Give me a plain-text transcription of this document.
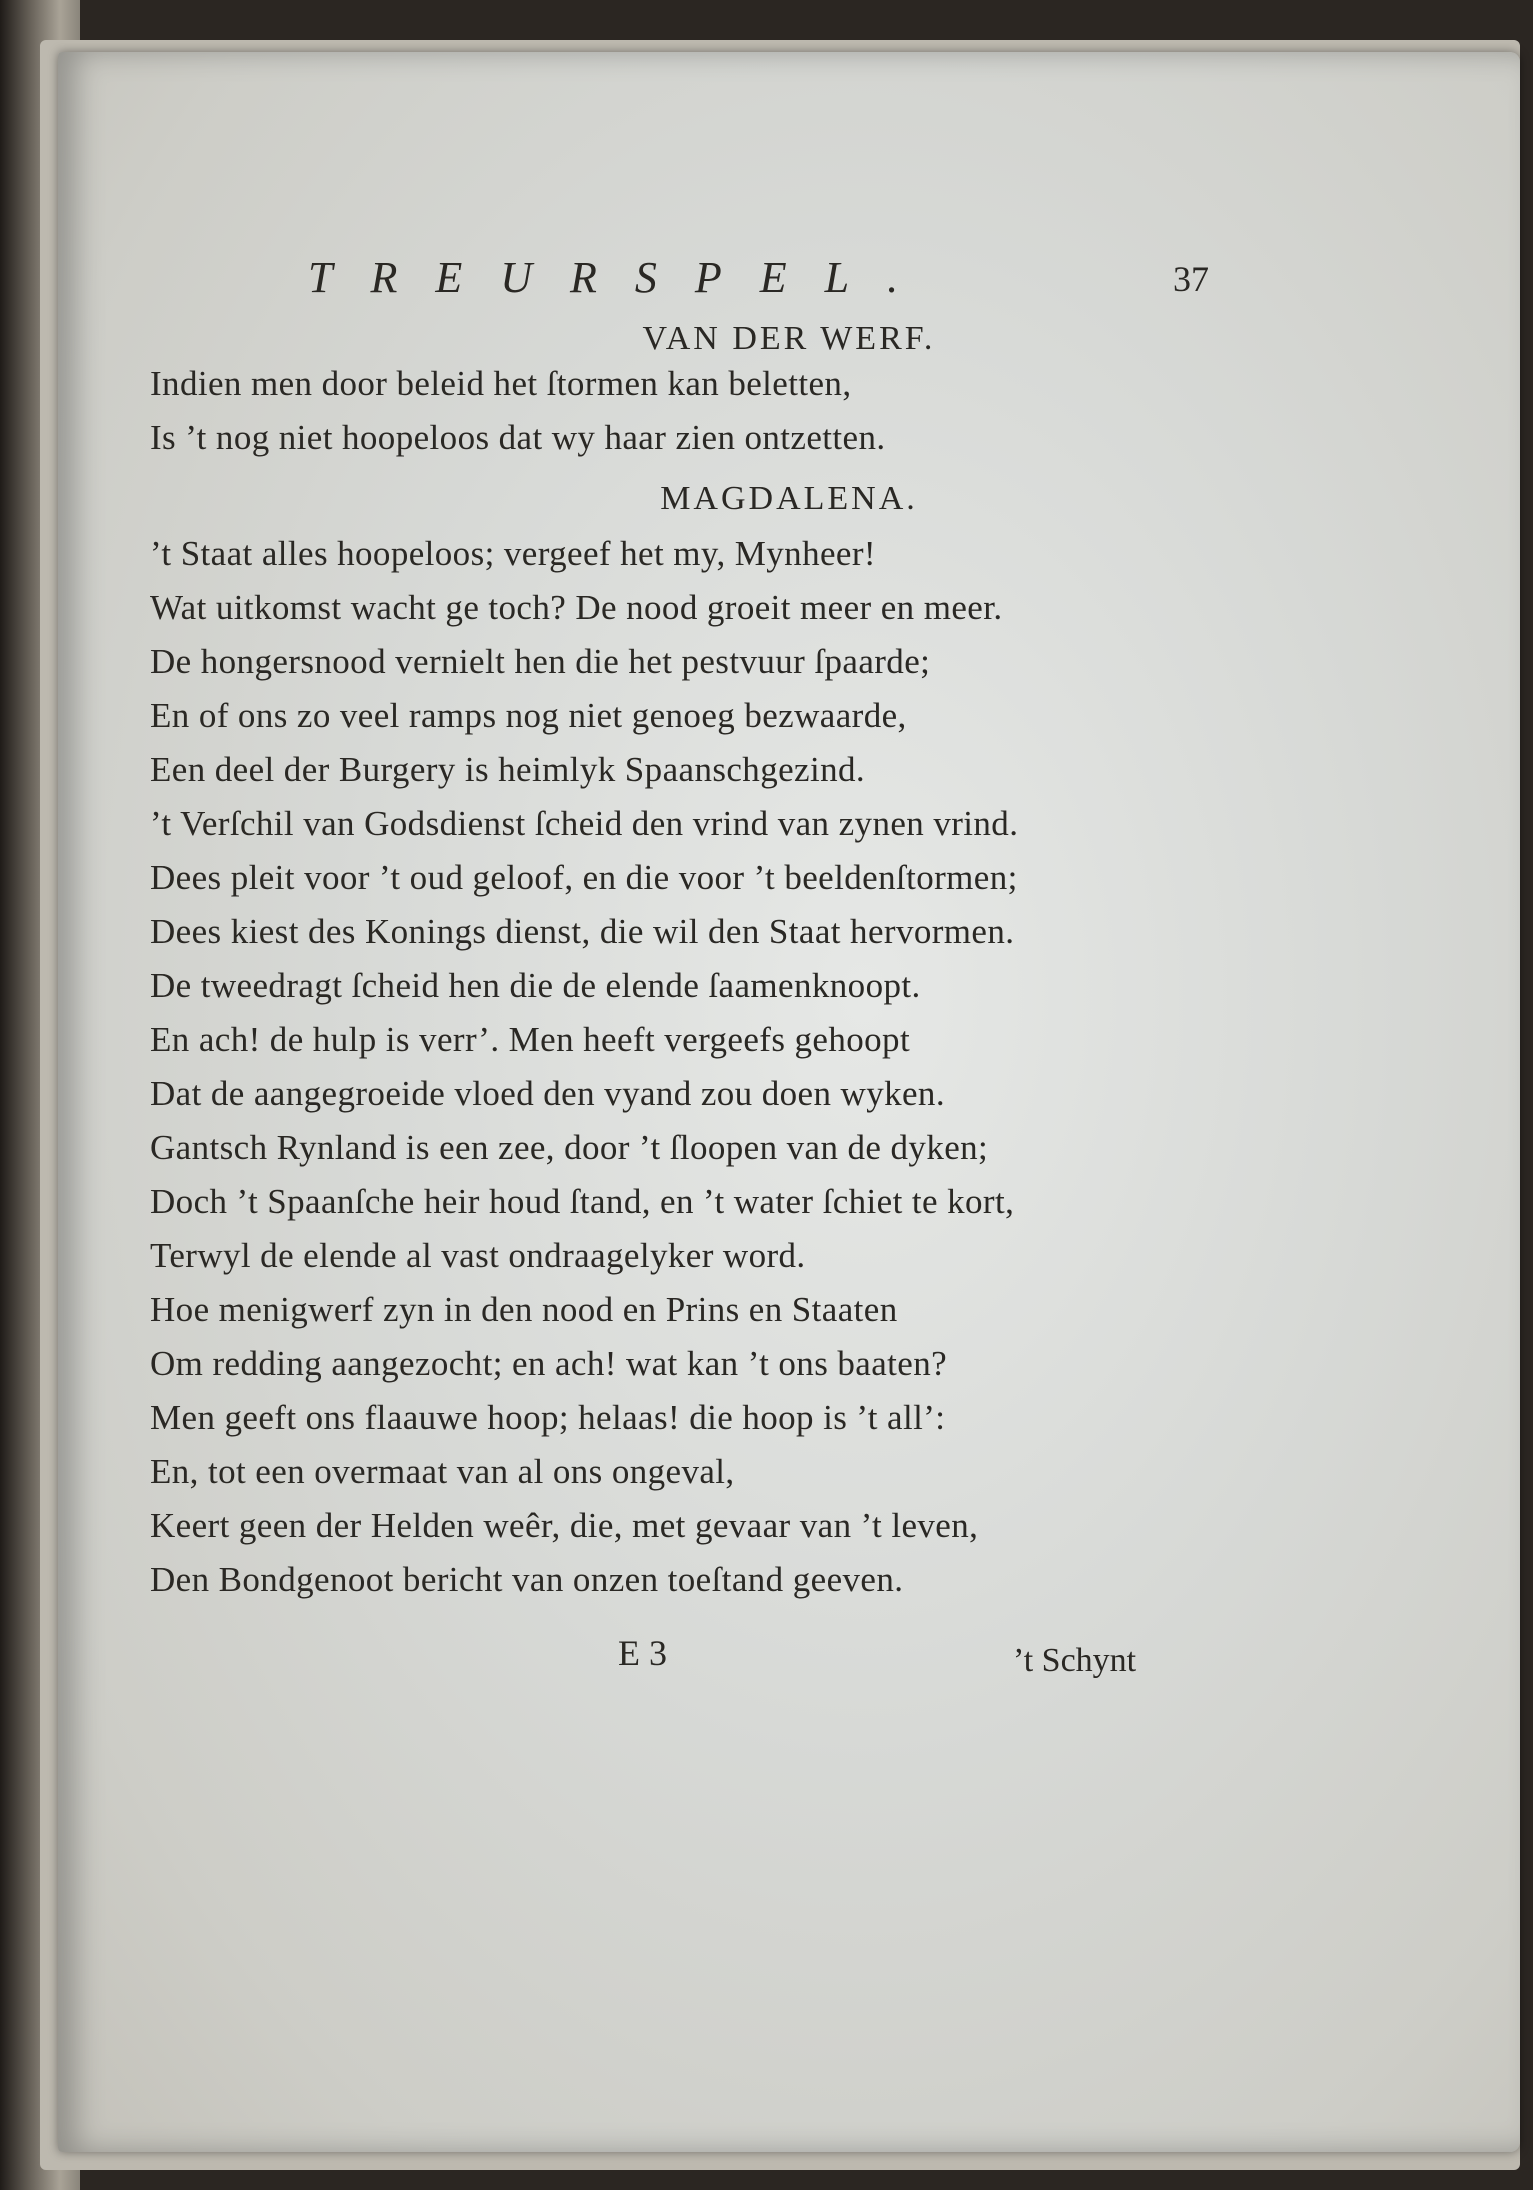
TREURSPEL.	37
VAN DER WERF.
Indien men door beleid het ſtormen kan beletten,
Is ’t nog niet hoopeloos dat wy haar zien ontzetten.
MAGDALENA.
’t Staat alles hoopeloos; vergeef het my, Mynheer!
Wat uitkomst wacht ge toch? De nood groeit meer en meer.
De hongersnood vernielt hen die het pestvuur ſpaarde;
En of ons zo veel ramps nog niet genoeg bezwaarde,
Een deel der Burgery is heimlyk Spaanschgezind.
’t Verſchil van Godsdienst ſcheid den vrind van zynen vrind.
Dees pleit voor ’t oud geloof, en die voor ’t beeldenſtormen;
Dees kiest des Konings dienst, die wil den Staat hervormen.
De tweedragt ſcheid hen die de elende ſaamenknoopt.
En ach! de hulp is verr’. Men heeft vergeefs gehoopt
Dat de aangegroeide vloed den vyand zou doen wyken.
Gantsch Rynland is een zee, door ’t ſloopen van de dyken;
Doch ’t Spaanſche heir houd ſtand, en ’t water ſchiet te kort,
Terwyl de elende al vast ondraagelyker word.
Hoe menigwerf zyn in den nood en Prins en Staaten
Om redding aangezocht; en ach! wat kan ’t ons baaten?
Men geeft ons flaauwe hoop; helaas! die hoop is ’t all’:
En, tot een overmaat van al ons ongeval,
Keert geen der Helden weêr, die, met gevaar van ’t leven,
Den Bondgenoot bericht van onzen toeſtand geeven.
E 3	’t Schynt
